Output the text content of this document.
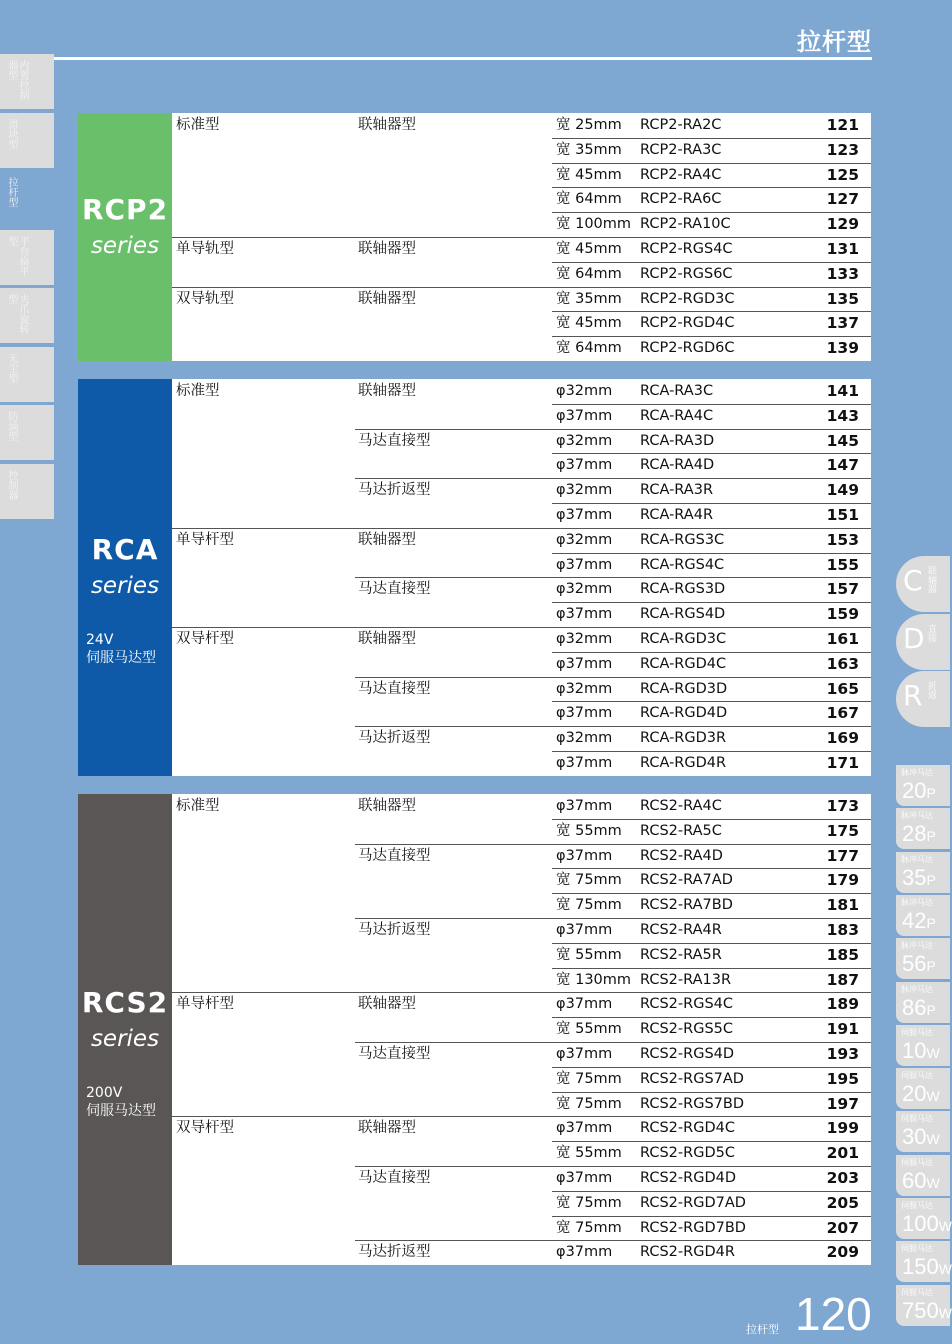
拉杆型
RCP2
series
标准型	联轴器型	宽 25mm RCP2-RA2C	121
宽 35mm RCP2-RA3C	123
宽 45mm RCP2-RA4C	125
宽 64mm RCP2-RA6C	127
宽 100mm RCP2-RA10C	129
单导轨型	联轴器型	宽 45mm RCP2-RGS4C	131
宽 64mm RCP2-RGS6C	133
双导轨型	联轴器型	宽 35mm RCP2-RGD3C	135
宽 45mm RCP2-RGD4C	137
宽 64mm RCP2-RGD6C	139
RCA
series
24V
伺服马达型
标准型	联轴器型	φ32mm RCA-RA3C	141
φ37mm RCA-RA4C	143
马达直接型	φ32mm RCA-RA3D	145
φ37mm RCA-RA4D	147
马达折返型	φ32mm RCA-RA3R	149
φ37mm RCA-RA4R	151
单导杆型	联轴器型	φ32mm RCA-RGS3C	153
φ37mm RCA-RGS4C	155
马达直接型	φ32mm RCA-RGS3D	157
φ37mm RCA-RGS4D	159
双导杆型	联轴器型	φ32mm RCA-RGD3C	161
φ37mm RCA-RGD4C	163
马达直接型	φ32mm RCA-RGD3D	165
φ37mm RCA-RGD4D	167
马达折返型	φ32mm RCA-RGD3R	169
φ37mm RCA-RGD4R	171
RCS2
series
200V
伺服马达型
标准型	联轴器型	φ37mm RCS2-RA4C	173
宽 55mm RCS2-RA5C	175
马达直接型	φ37mm RCS2-RA4D	177
宽 75mm RCS2-RA7AD	179
宽 75mm RCS2-RA7BD	181
马达折返型	φ37mm RCS2-RA4R	183
宽 55mm RCS2-RA5R	185
宽 130mm RCS2-RA13R	187
单导杆型	联轴器型	φ37mm RCS2-RGS4C	189
宽 55mm RCS2-RGS5C	191
马达直接型	φ37mm RCS2-RGS4D	193
宽 75mm RCS2-RGS7AD	195
宽 75mm RCS2-RGS7BD	197
双导杆型	联轴器型	φ37mm RCS2-RGD4C	199
宽 55mm RCS2-RGD5C	201
马达直接型	φ37mm RCS2-RGD4D	203
宽 75mm RCS2-RGD7AD	205
宽 75mm RCS2-RGD7BD	207
马达折返型	φ37mm RCS2-RGD4R	209
内置控制器型
滑块型
拉杆型
平台扁平型
夹爪旋转型
无尘型
防滴型
控制器
C 联轴器
D 直接
R 折返
脉冲马达
20P
脉冲马达
28P
脉冲马达
35P
脉冲马达
42P
脉冲马达
56P
脉冲马达
86P
伺服马达
10W
伺服马达
20W
伺服马达
30W
伺服马达
60W
伺服马达
100W
伺服马达
150W
伺服马达
750W
拉杆型 120
